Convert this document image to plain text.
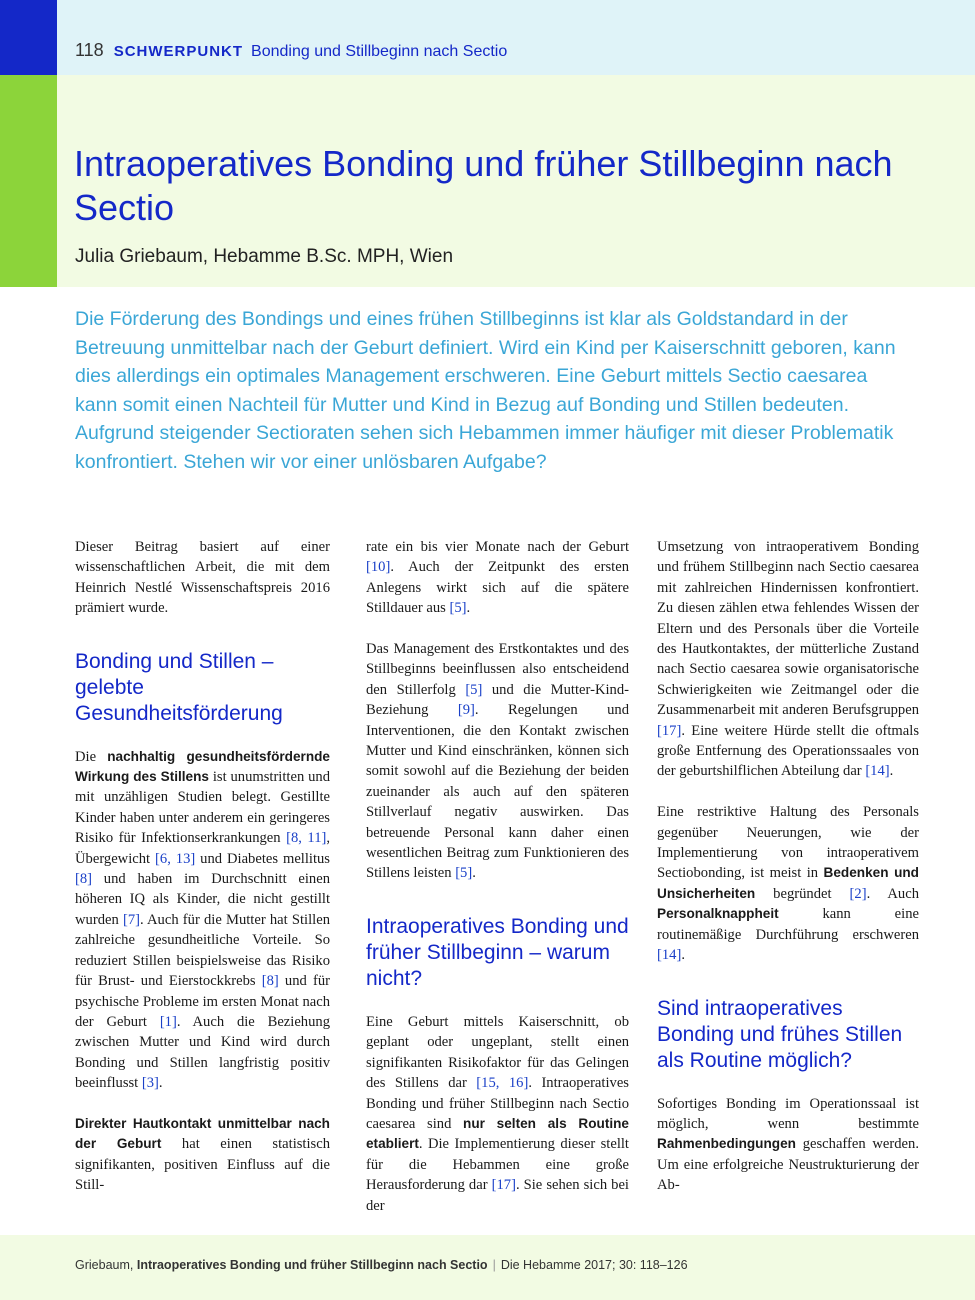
118 SCHWERPUNKT Bonding und Stillbeginn nach Sectio
Intraoperatives Bonding und früher Stillbeginn nach Sectio
Julia Griebaum, Hebamme B.Sc. MPH, Wien
Die Förderung des Bondings und eines frühen Stillbeginns ist klar als Goldstandard in der Betreuung unmittelbar nach der Geburt definiert. Wird ein Kind per Kaiserschnitt geboren, kann dies allerdings ein optimales Management erschweren. Eine Geburt mittels Sectio caesarea kann somit einen Nachteil für Mutter und Kind in Bezug auf Bonding und Stillen bedeuten. Aufgrund steigender Sectioraten sehen sich Hebammen immer häufiger mit dieser Problematik konfrontiert. Stehen wir vor einer unlösbaren Aufgabe?

Dieser Beitrag basiert auf einer wissenschaftlichen Arbeit, die mit dem Heinrich Nestlé Wissenschaftspreis 2016 prämiert wurde.

Bonding und Stillen – gelebte Gesundheitsförderung

Die nachhaltig gesundheitsfördernde Wirkung des Stillens ist unumstritten und mit unzähligen Studien belegt. Gestillte Kinder haben unter anderem ein geringeres Risiko für Infektionserkrankungen [8, 11], Übergewicht [6, 13] und Diabetes mellitus [8] und haben im Durchschnitt einen höheren IQ als Kinder, die nicht gestillt wurden [7]. Auch für die Mutter hat Stillen zahlreiche gesundheitliche Vorteile. So reduziert Stillen beispielsweise das Risiko für Brust- und Eierstockkrebs [8] und für psychische Probleme im ersten Monat nach der Geburt [1]. Auch die Beziehung zwischen Mutter und Kind wird durch Bonding und Stillen langfristig positiv beeinflusst [3].

Direkter Hautkontakt unmittelbar nach der Geburt hat einen statistisch signifikanten, positiven Einfluss auf die Still-

rate ein bis vier Monate nach der Geburt [10]. Auch der Zeitpunkt des ersten Anlegens wirkt sich auf die spätere Stilldauer aus [5].

Das Management des Erstkontaktes und des Stillbeginns beeinflussen also entscheidend den Stillerfolg [5] und die Mutter-Kind-Beziehung [9]. Regelungen und Interventionen, die den Kontakt zwischen Mutter und Kind einschränken, können sich somit sowohl auf die Beziehung der beiden zueinander als auch auf den späteren Stillverlauf negativ auswirken. Das betreuende Personal kann daher einen wesentlichen Beitrag zum Funktionieren des Stillens leisten [5].

Intraoperatives Bonding und früher Stillbeginn – warum nicht?

Eine Geburt mittels Kaiserschnitt, ob geplant oder ungeplant, stellt einen signifikanten Risikofaktor für das Gelingen des Stillens dar [15, 16]. Intraoperatives Bonding und früher Stillbeginn nach Sectio caesarea sind nur selten als Routine etabliert. Die Implementierung dieser stellt für die Hebammen eine große Herausforderung dar [17]. Sie sehen sich bei der

Umsetzung von intraoperativem Bonding und frühem Stillbeginn nach Sectio caesarea mit zahlreichen Hindernissen konfrontiert. Zu diesen zählen etwa fehlendes Wissen der Eltern und des Personals über die Vorteile des Hautkontaktes, der mütterliche Zustand nach Sectio caesarea sowie organisatorische Schwierigkeiten wie Zeitmangel oder die Zusammenarbeit mit anderen Berufsgruppen [17]. Eine weitere Hürde stellt die oftmals große Entfernung des Operationssaales von der geburtshilflichen Abteilung dar [14].

Eine restriktive Haltung des Personals gegenüber Neuerungen, wie der Implementierung von intraoperativem Sectiobonding, ist meist in Bedenken und Unsicherheiten begründet [2]. Auch Personalknappheit kann eine routinemäßige Durchführung erschweren [14].

Sind intraoperatives Bonding und frühes Stillen als Routine möglich?

Sofortiges Bonding im Operationssaal ist möglich, wenn bestimmte Rahmenbedingungen geschaffen werden. Um eine erfolgreiche Neustrukturierung der Ab-

Griebaum, Intraoperatives Bonding und früher Stillbeginn nach Sectio | Die Hebamme 2017; 30: 118–126
